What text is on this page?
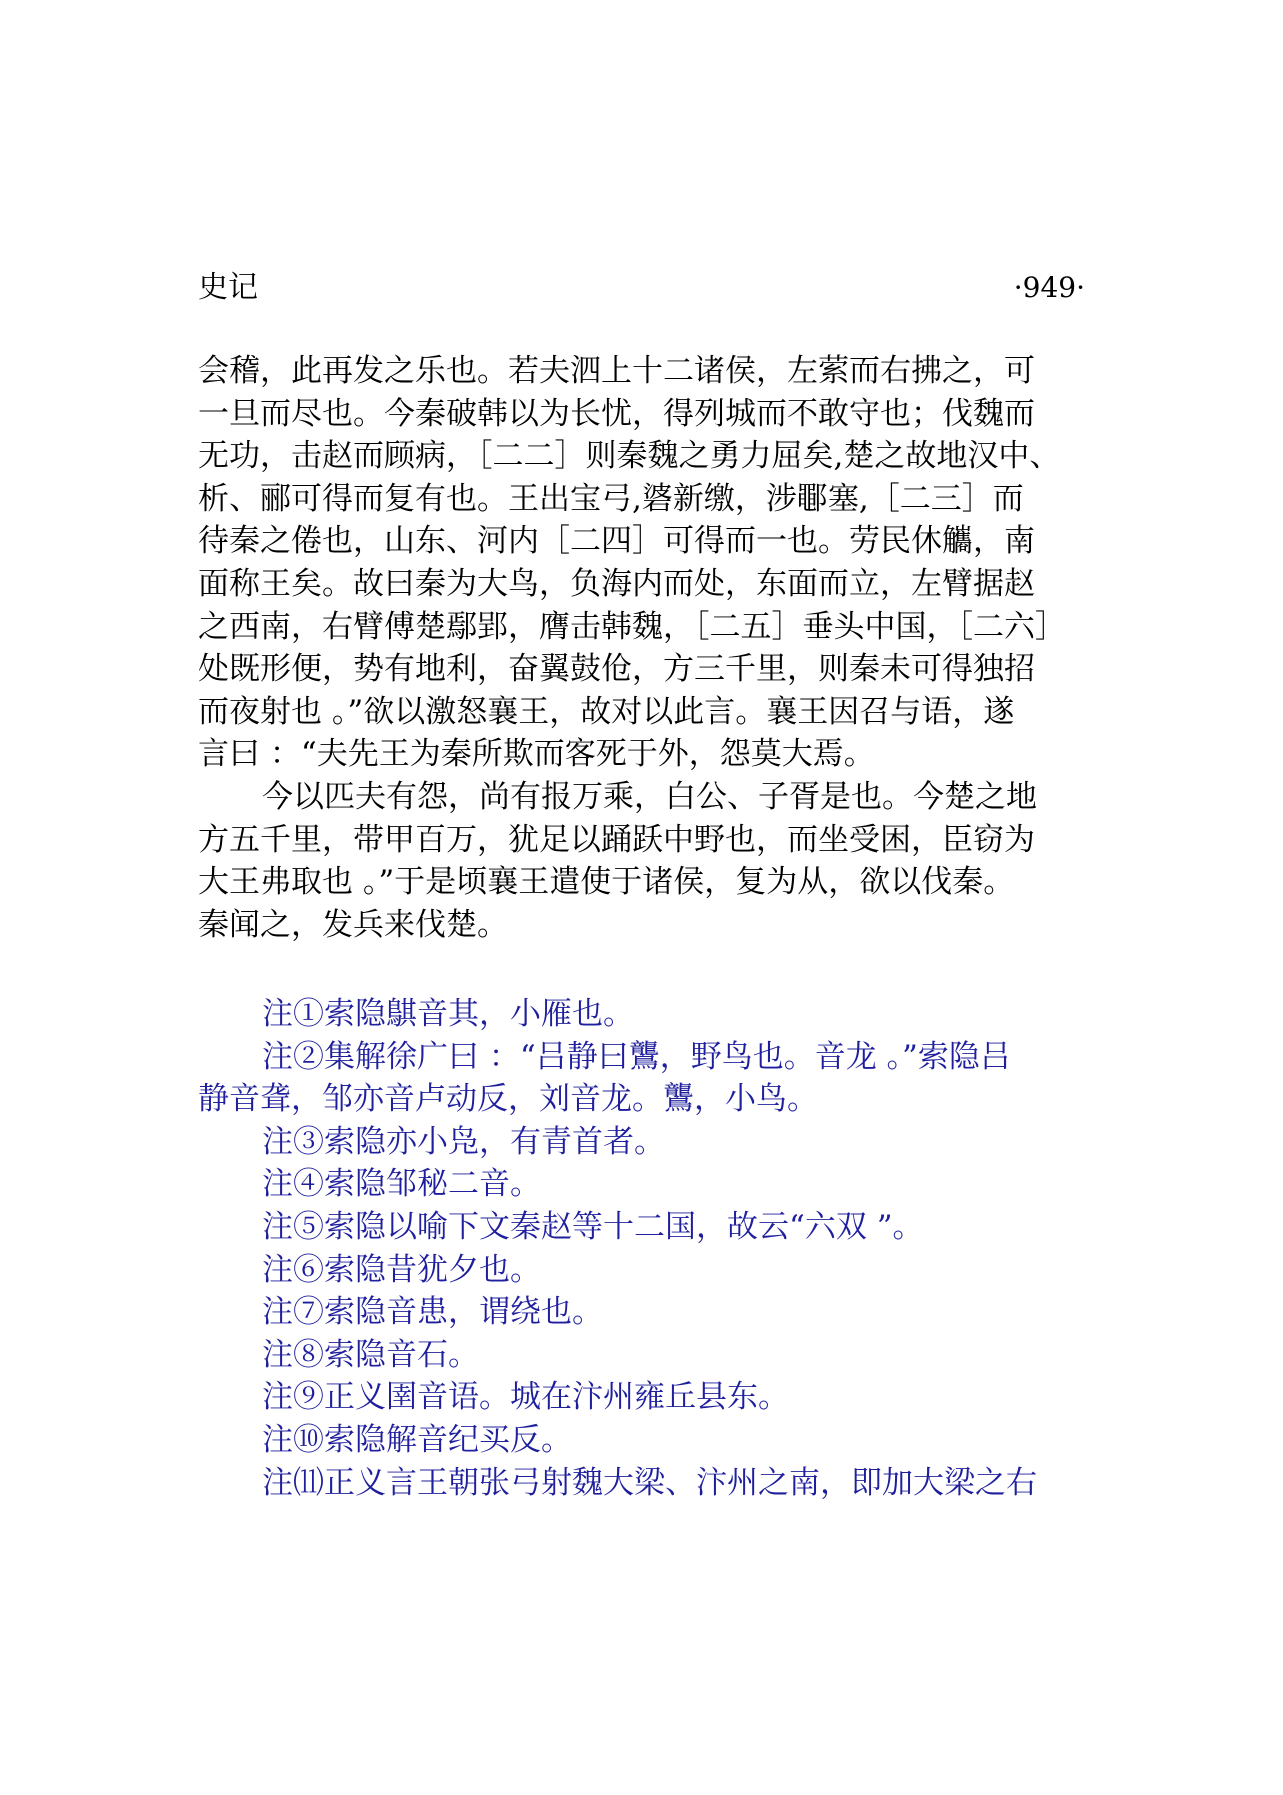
史记	·949·
会稽，此再发之乐也。若夫泗上十二诸侯，左萦而右拂之，可
一旦而尽也。今秦破韩以为长忧，得列城而不敢守也；伐魏而
无功，击赵而顾病，［二二］则秦魏之勇力屈矣,楚之故地汉中、
析、郦可得而复有也。王出宝弓,碆新缴，涉鄳塞,［二三］而
待秦之倦也，山东、河内［二四］可得而一也。劳民休觿，南
面称王矣。故曰秦为大鸟，负海内而处，东面而立，左臂据赵
之西南，右臂傅楚鄢郢，膺击韩魏，［二五］垂头中国，［二六］
处既形便，势有地利，奋翼鼓伧，方三千里，则秦未可得独招
而夜射也 。”欲以激怒襄王，故对以此言。襄王因召与语，遂
言曰 ：“夫先王为秦所欺而客死于外，怨莫大焉。
今以匹夫有怨，尚有报万乘，白公、子胥是也。今楚之地
方五千里，带甲百万，犹足以踊跃中野也，而坐受困，臣窃为
大王弗取也 。”于是顷襄王遣使于诸侯，复为从，欲以伐秦。
秦闻之，发兵来伐楚。
注①索隐鶀音其，小雁也。
注②集解徐广曰 ：“吕静曰鸗，野鸟也。音龙 。”索隐吕
静音聋，邹亦音卢动反，刘音龙。鸗，小鸟。
注③索隐亦小凫，有青首者。
注④索隐邹秘二音。
注⑤索隐以喻下文秦赵等十二国，故云“六双 ”。
注⑥索隐昔犹夕也。
注⑦索隐音患，谓绕也。
注⑧索隐音石。
注⑨正义圉音语。城在汴州雍丘县东。
注⑩索隐解音纪买反。
注⑾正义言王朝张弓射魏大梁、汴州之南，即加大梁之右
